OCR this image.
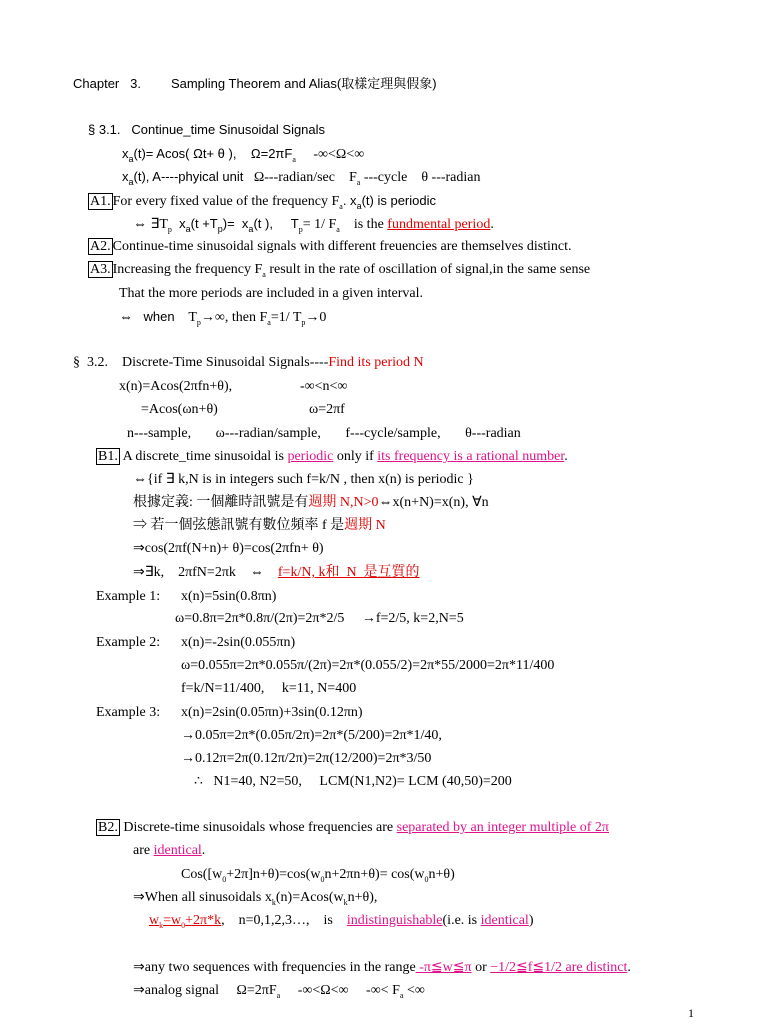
Chapter   3. Sampling Theorem and Alias(取樣定理與假象)
§ 3.1.   Continue_time Sinusoidal Signals
$x_a(t)= Acos$( Ωt+ θ ),    $\Omega=2\pi F_a$     -∞<Ω<∞
$x_a(t)$, A----phyical unit   Ω---radian/sec    $F_a$ ---cycle    θ ---radian
A1. For every fixed value of the frequency $F_a$. $x_a(t)$ is periodic
⇔ $\exists T_p$  $x_a(t +T_p)= x_a(t$ ),     $T_p= 1/$ $F_a$    is the fundmental period.
A2. Continue-time sinusoidal signals with different freuencies are themselves distinct.
A3. Increasing the frequency $F_a$ result in the rate of oscillation of signal,in the same sense
That the more periods are included in a given interval.
⇔   when    $T_p\to\infty$, then $F_a=1/$ $T_p\to 0$
§  3.2.    Discrete-Time Sinusoidal Signals----Find its period N
x(n)=Acos(2πfn+θ),	-∞<n<∞
=Acos(ωn+θ)	ω=2πf
n---sample,       ω---radian/sample,       f---cycle/sample,       θ---radian
B1. A discrete_time sinusoidal is periodic only if its frequency is a rational number.
⇔{if ∃ k,N is in integers such f=k/N , then x(n) is periodic }
根據定義: 一個離時訊號是有週期 N,N>0⇔x(n+N)=x(n), ∀n
⇒ 若一個弦態訊號有數位頻率 f 是週期 N
⇒cos(2πf(N+n)+ θ)=cos(2πfn+ θ)
⇒∃k,    2πfN=2πk    ⇔    f=k/N, k和  N  是互質的
Example 1: x(n)=5sin(0.8πn)
ω=0.8π=2π*0.8π/(2π)=2π*2/5     →f=2/5, k=2,N=5
Example 2: x(n)=-2sin(0.055πn)
ω=0.055π=2π*0.055π/(2π)=2π*(0.055/2)=2π*55/2000=2π*11/400
f=k/N=11/400,     k=11, N=400
Example 3: x(n)=2sin(0.05πn)+3sin(0.12πn)
→0.05π=2π*(0.05π/2π)=2π*(5/200)=2π*1/40,
→0.12π=2π(0.12π/2π)=2π(12/200)=2π*3/50
∴   N1=40, N2=50,     LCM(N1,N2)= LCM (40,50)=200
B2. Discrete-time sinusoidals whose frequencies are separated by an integer multiple of 2π
are identical.
$Cos([w_0+2\pi]n+\theta)=\cos(w_0n+2\pi n+\theta)= \cos(w_0n+\theta)$
⇒When all sinusoidals $x_k(n)=Acos(w_kn+\theta)$,
$w_k=w_0+2\pi*k$,    n=0,1,2,3…,    is    indistinguishable(i.e. is identical)
⇒any two sequences with frequencies in the range -π≦w≦π or −1/2≦f≦1/2 are distinct.
⇒analog signal     $\Omega=2\pi F_a$     -∞<Ω<∞     -∞< $F_a$ <∞
1
